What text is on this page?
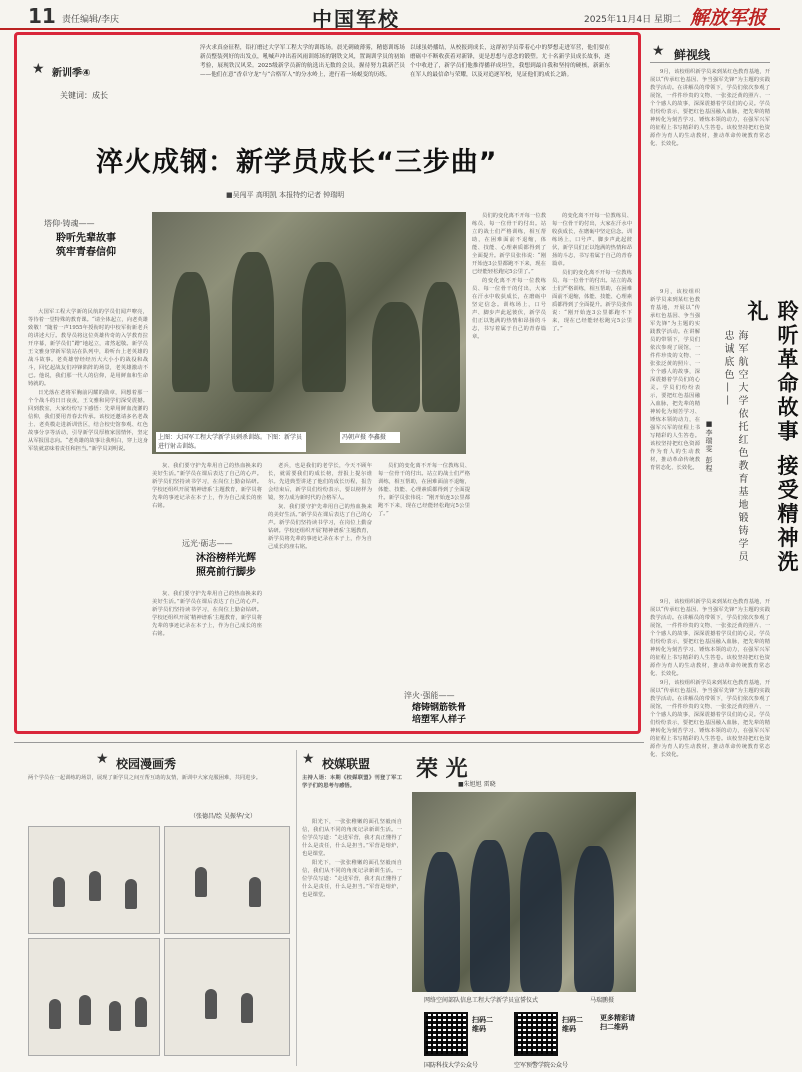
11 责任编辑/李庆	中国军校	2025年11月4日 星期二 解放军报
★ 新训季④
关键词：成长
淬火求真奋征程，铅打磨过大学军工程大学的训练场。晨光刺破薄雾，精德训练场新员整装列好的出发点，吼喊声冲出着风雨训练场的钢铁文风，置调训学员的初始考验，展现铁汉风采。2025级新学员新的航选出无数的会员，握待努力栽新芒员——他们在意“香卓守龙”与“合格军人”的分水岭上，进行着一场蜕变的历练。
以球虽奶播结，从校报到成长，这群初学员带着心中的梦想走进军营，他们要在磨砺中不断收获着对新锋，更是思想与意念的锻塑。尤十名新学员成长故事，逐个中收进了，新学员们他推得播祥成坦生，我想到最自我和坚持的硬核，新新东在军人的最信命与荣耀，以及对追逐军校，见证他们的成长之路。
淬火成钢：新学员成长“三步曲”
■吴闯平 高明凯 本报特约记者 钟瑞明
塔仰·铸魂——
聆听先辈故事
筑牢青春信仰

大国军工程大学新的民航的学员们闻声嘹亮，等待着一堂特殊的教育课。“请全体起立，向老英雄致敬！”随着一声1955年授衔时的中校军衔新老兵的讲述大厅。教导员将这位英雄传奇的入学教育拉开序幕，新学员们“蹭”地起立，肃然起敬。新学员王文雅身穿新军装站在队列中，聆听台上老英雄的战斗故事。老英雄曾经经历大大小小的战役和战斗，回忆起战友们冲锋陷阵的场景，老英雄激动不已。他说，我们那一代人的信仰，是用鲜血和生命铸就的。

日光落在老将军胸前闪耀的勋章，回想着那一个个战斗的日日夜夜，王文雅和同学们深受震撼。回到教室，大家纷纷写下感悟：先辈用鲜血浇灌的信仰，我们要用青春去传承。该校还邀请多名老战士、老英模走进新训营区，结合校史馆参观、红色故事分享等活动，引导新学员厚植家国情怀，坚定从军报国志向。“老英雄的故事让我明白，穿上这身军装就意味着责任和担当。”新学员刘明说。

上图：大国军工程大学新学员刺杀训练。下图：新学员进行射击训练。
冯朝声摄 李鑫摄
远光·砺志——
沐浴榜样光辉
照亮前行脚步

灰、我们要守护先辈用自己的热血换来的美好生活。”新学员在课后表达了自己的心声。新学员们坚持读书学习，在岗位上勤奋钻研。学校还组织开展‘精神谱系’主题教育，新学员将先辈的事迹记录在本子上，作为自己成长的座右铭。

灰、我们要守护先辈用自己的热血换来的美好生活。”新学员在课后表达了自己的心声。新学员们坚持读书学习，在岗位上勤奋钻研。学校还组织开展‘精神谱系’主题教育，新学员将先辈的事迹记录在本子上，作为自己成长的座右铭。

老兵，也是我们的老学长，今天不顾年长，就需要我们的成长榜，营报上提尔谁尔。先进典型讲述了他们的成长历程，报告会结束后，新学员们纷纷表示，要以榜样为镜，努力成为新时代的合格军人。

灰、我们要守护先辈用自己的热血换来的美好生活。”新学员在课后表达了自己的心声。新学员们坚持读书学习，在岗位上勤奋钻研。学校还组织开展‘精神谱系’主题教育，新学员将先辈的事迹记录在本子上，作为自己成长的座右铭。

员们的变化离不开每一位教练员、每一位骨干的付出。站立的战士们严格训练，相互帮助，在困难面前不退缩，体能、技能、心理素质都得到了全面提升。新学员张伟说：“刚开始连3公里都跑不下来，现在已经能轻松跑完5公里了。”

淬火·强能——
熔铸钢筋铁骨
培塑军人样子

员们的变化离不开每一位教练员、每一位骨干的付出。站立的战士们严格训练，相互帮助，在困难面前不退缩，体能、技能、心理素质都得到了全面提升。新学员张伟说：“刚开始连3公里都跑不下来，现在已经能轻松跑完5公里了。”

的变化离不开每一位教练员、每一位骨干的付出，大家在汗水中收获成长，在磨砺中坚定信念。训练场上，口号声、脚步声此起彼伏，新学员们正以饱满的热情和昂扬的斗志，书写着属于自己的青春篇章。

的变化离不开每一位教练员、每一位骨干的付出，大家在汗水中收获成长，在磨砺中坚定信念。训练场上，口号声、脚步声此起彼伏，新学员们正以饱满的热情和昂扬的斗志，书写着属于自己的青春篇章。

员们的变化离不开每一位教练员、每一位骨干的付出。站立的战士们严格训练，相互帮助，在困难面前不退缩，体能、技能、心理素质都得到了全面提升。新学员张伟说：“刚开始连3公里都跑不下来，现在已经能轻松跑完5公里了。”

★ 鲜视线

9月，该校组织新学员来到某红色教育基地，开展以“传承红色基因、争当强军先锋”为主题的实践教学活动。在讲解员的带领下，学员们依次参观了展馆，一件件珍贵的文物、一张张泛黄的照片、一个个感人的故事，深深震撼着学员们的心灵。学员们纷纷表示，要把红色基因融入血脉，把先辈的精神转化为刻苦学习、锤炼本领的动力，在强军兴军的征程上书写精彩的人生答卷。该校坚持把红色资源作为育人的生动教材，推动革命传统教育常态化、长效化。

聆听革命故事 接受精神洗礼
海军航空大学依托红色教育基地锻铸学员忠诚底色——
■李瑞雯 彭程

9月，该校组织新学员来到某红色教育基地，开展以“传承红色基因、争当强军先锋”为主题的实践教学活动。在讲解员的带领下，学员们依次参观了展馆，一件件珍贵的文物、一张张泛黄的照片、一个个感人的故事，深深震撼着学员们的心灵。学员们纷纷表示，要把红色基因融入血脉，把先辈的精神转化为刻苦学习、锤炼本领的动力，在强军兴军的征程上书写精彩的人生答卷。该校坚持把红色资源作为育人的生动教材，推动革命传统教育常态化、长效化。

9月，该校组织新学员来到某红色教育基地，开展以“传承红色基因、争当强军先锋”为主题的实践教学活动。在讲解员的带领下，学员们依次参观了展馆，一件件珍贵的文物、一张张泛黄的照片、一个个感人的故事，深深震撼着学员们的心灵。学员们纷纷表示，要把红色基因融入血脉，把先辈的精神转化为刻苦学习、锤炼本领的动力，在强军兴军的征程上书写精彩的人生答卷。该校坚持把红色资源作为育人的生动教材，推动革命传统教育常态化、长效化。

9月，该校组织新学员来到某红色教育基地，开展以“传承红色基因、争当强军先锋”为主题的实践教学活动。在讲解员的带领下，学员们依次参观了展馆，一件件珍贵的文物、一张张泛黄的照片、一个个感人的故事，深深震撼着学员们的心灵。学员们纷纷表示，要把红色基因融入血脉，把先辈的精神转化为刻苦学习、锤炼本领的动力，在强军兴军的征程上书写精彩的人生答卷。该校坚持把红色资源作为育人的生动教材，推动革命传统教育常态化、长效化。

★ 校园漫画秀
两个学员在一起训练的场景，展现了新学员之间互帮互助的友情，新训中大家克服困难，共同进步。
（张德昌/绘 吴振华/文）
★ 校媒联盟
主持人语：本期《校媒联盟》刊登了军工学子们的思考与感悟。

阳光下，一张张稚嫩的面孔坚毅而自信，我们从不同的角度记录新训生活。一位学员写道：“走进军营，我才真正懂得了什么是责任，什么是担当。”军营是熔炉，也是课堂。

阳光下，一张张稚嫩的面孔坚毅而自信，我们从不同的角度记录新训生活。一位学员写道：“走进军营，我才真正懂得了什么是责任，什么是担当。”军营是熔炉，也是课堂。

荣 光
■朱旭旭 雷晓
网络空间部队信息工程大学新学员宣誓仪式	马瑞鹏摄
扫码二维码
国防科技大学公众号
扫码二维码
空军预警学院公众号
更多精彩请扫二维码
